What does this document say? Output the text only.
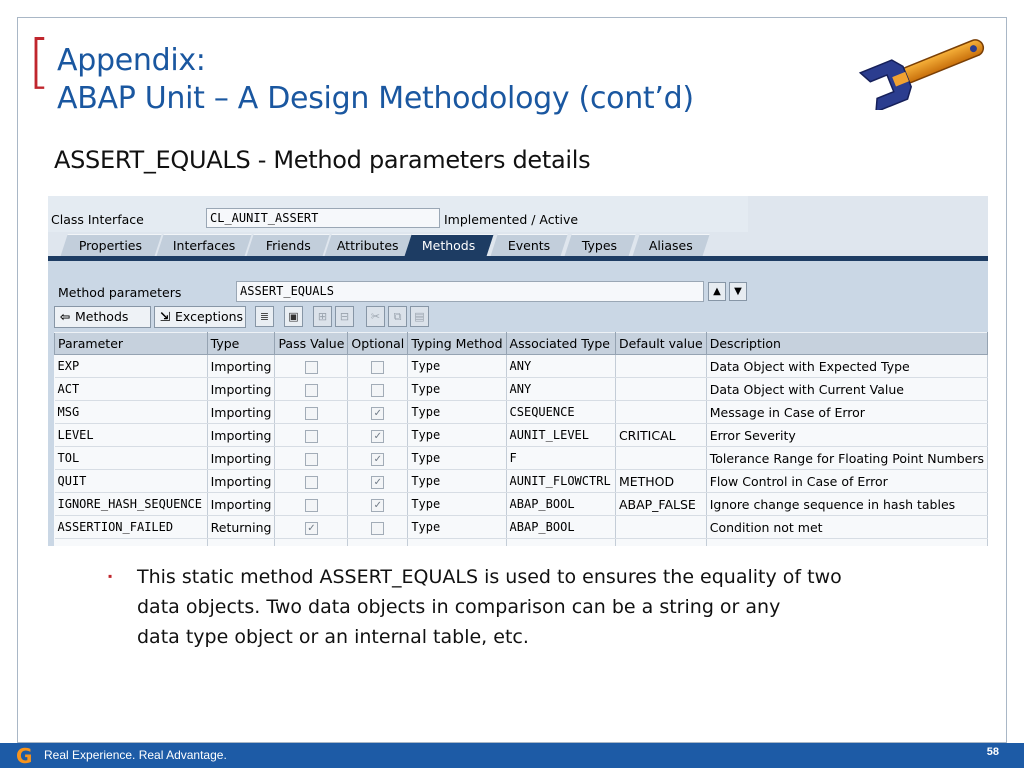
[ Appendix:
ABAP Unit – A Design Methodology (cont’d)
ASSERT_EQUALS - Method parameters details
Class Interface	CL_AUNIT_ASSERT	Implemented / Active
Properties	Interfaces	Friends	Attributes	Methods	Events	Types	Aliases
Method parameters	ASSERT_EQUALS	▲	▼
⇦ Methods	⇲ Exceptions	≣	▣	⊞	⊟	✂	⧉	▤
Parameter	Type	Pass Value	Optional	Typing Method	Associated Type	Default value	Description
EXP	Importing			Type	ANY		Data Object with Expected Type
ACT	Importing			Type	ANY		Data Object with Current Value
MSG	Importing		✓	Type	CSEQUENCE		Message in Case of Error
LEVEL	Importing		✓	Type	AUNIT_LEVEL	CRITICAL	Error Severity
TOL	Importing		✓	Type	F		Tolerance Range for Floating Point Numbers
QUIT	Importing		✓	Type	AUNIT_FLOWCTRL	METHOD	Flow Control in Case of Error
IGNORE_HASH_SEQUENCE	Importing		✓	Type	ABAP_BOOL	ABAP_FALSE	Ignore change sequence in hash tables
ASSERTION_FAILED	Returning	✓		Type	ABAP_BOOL		Condition not met

▪ This static method ASSERT_EQUALS is used to ensures the equality of two

data objects. Two data objects in comparison can be a string or any

data type object or an internal table, etc.

G Real Experience. Real Advantage.	58
